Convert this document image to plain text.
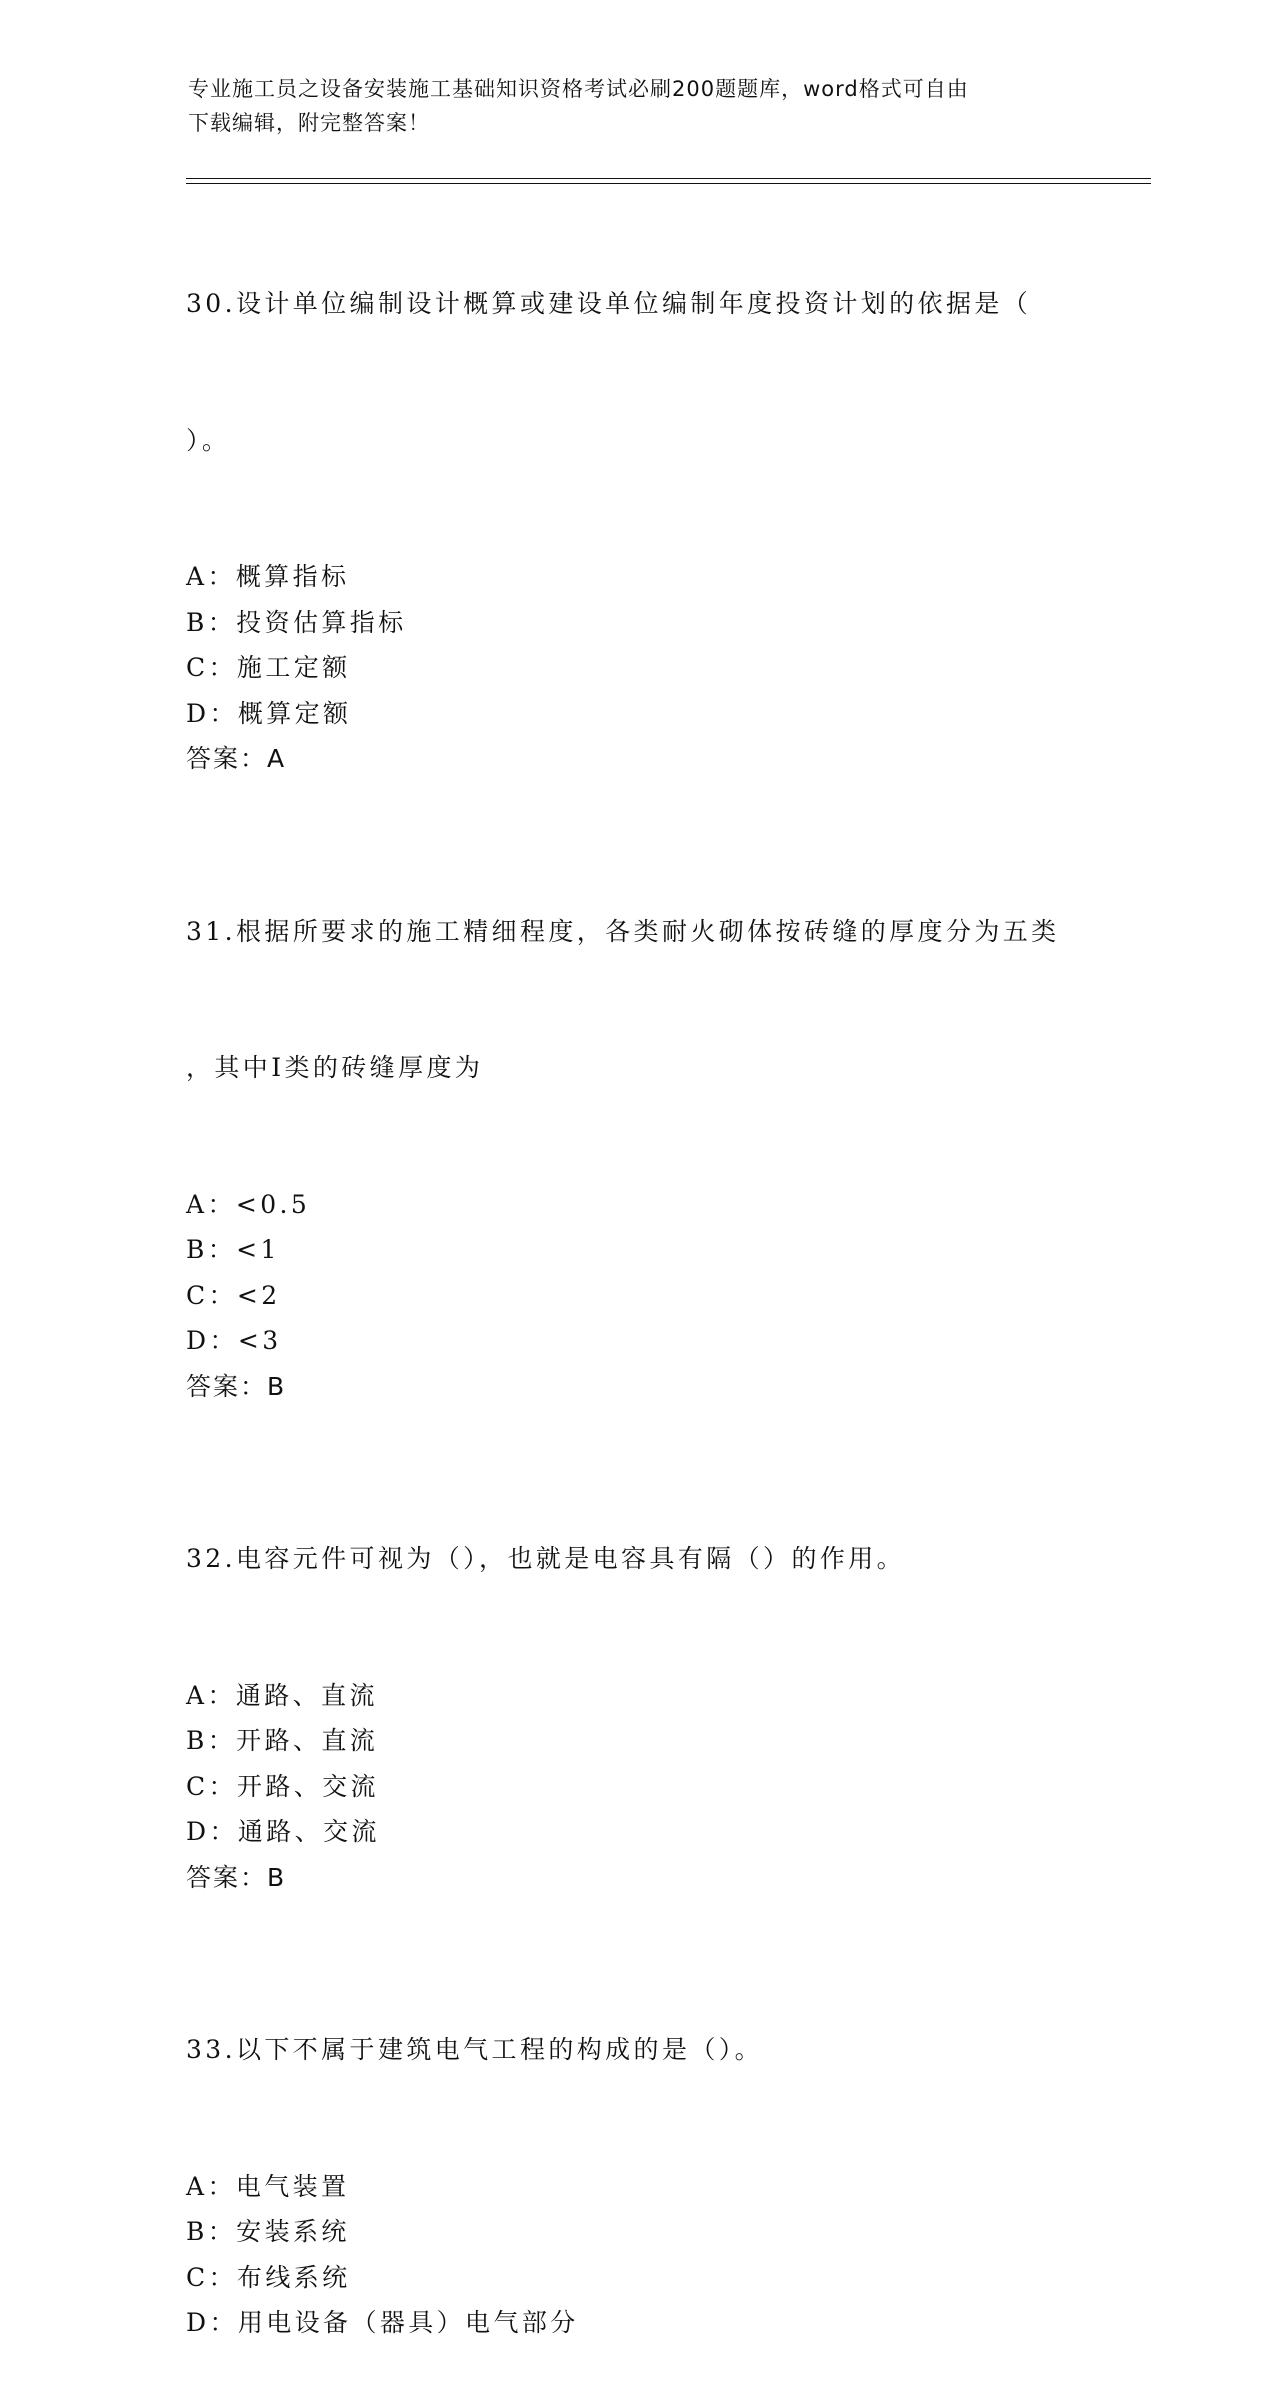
专业施工员之设备安装施工基础知识资格考试必刷200题题库，word格式可自由
下载编辑，附完整答案！

30.设计单位编制设计概算或建设单位编制年度投资计划的依据是（

）。

A：概算指标
B：投资估算指标
C：施工定额
D：概算定额
答案：A

31.根据所要求的施工精细程度，各类耐火砌体按砖缝的厚度分为五类

，其中Ⅰ类的砖缝厚度为

A：<0.5
B：<1
C：<2
D：<3
答案：B

32.电容元件可视为（），也就是电容具有隔（）的作用。

A：通路、直流
B：开路、直流
C：开路、交流
D：通路、交流
答案：B

33.以下不属于建筑电气工程的构成的是（）。

A：电气装置
B：安装系统
C：布线系统
D：用电设备（器具）电气部分
